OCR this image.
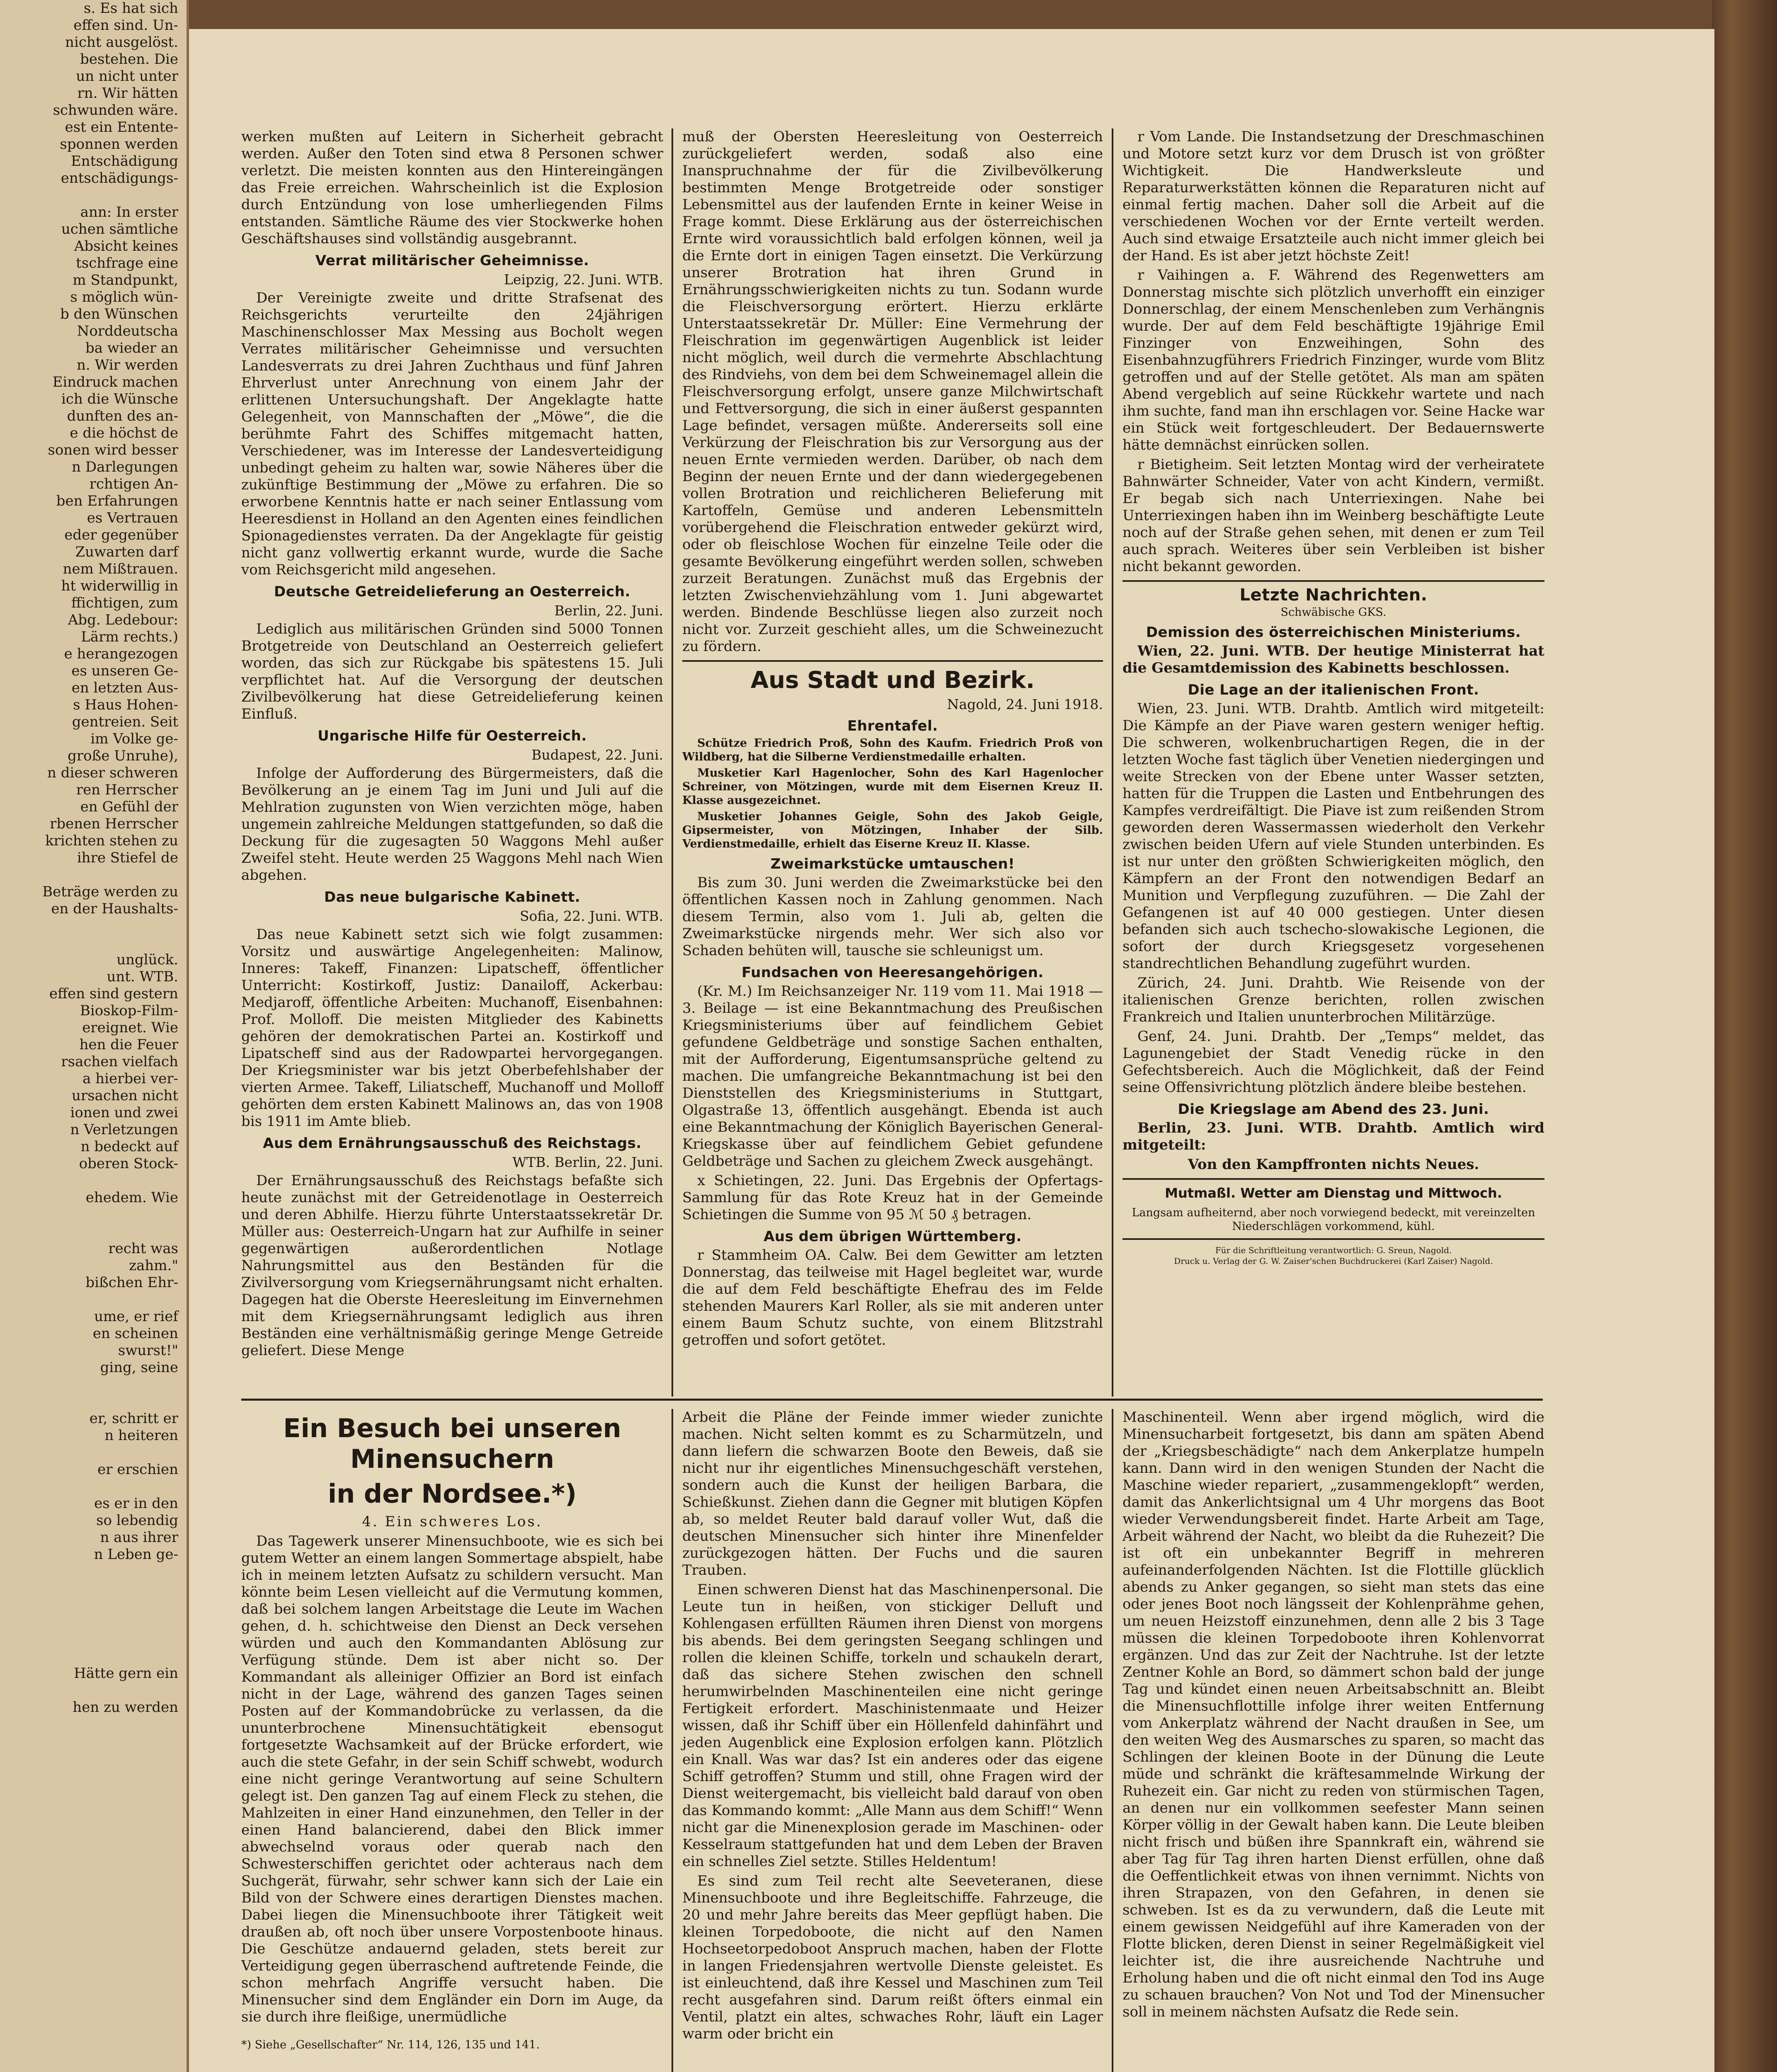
s. Es hat sich
effen sind. Un-
nicht ausgelöst.
bestehen. Die
un nicht unter
rn. Wir hätten
schwunden wäre.
est ein Entente-
sponnen werden
Entschädigung
entschädigungs-

ann: In erster
uchen sämtliche
Absicht keines
tschfrage eine
m Standpunkt,
s möglich wün-
b den Wünschen
Norddeutscha
ba wieder an
n. Wir werden
Eindruck machen
ich die Wünsche
dunften des an-
e die höchst de
sonen wird besser
n Darlegungen
rchtigen An-
ben Erfahrungen
es Vertrauen
eder gegenüber
Zuwarten darf
nem Mißtrauen.
ht widerwillig in
ffichtigen, zum
Abg. Ledebour:
Lärm rechts.)
e herangezogen
es unseren Ge-
en letzten Aus-
s Haus Hohen-
gentreien. Seit
im Volke ge-
große Unruhe),
n dieser schweren
ren Herrscher
en Gefühl der
rbenen Herrscher
krichten stehen zu
ihre Stiefel de

Beträge werden zu
en der Haushalts-

unglück.
unt. WTB.
effen sind gestern
Bioskop-Film-
ereignet. Wie
hen die Feuer
rsachen vielfach
a hierbei ver-
ursachen nicht
ionen und zwei
n Verletzungen
n bedeckt auf
oberen Stock-

ehedem. Wie

recht was
zahm."
bißchen Ehr-

ume, er rief
en scheinen
swurst!"
ging, seine

er, schritt er
n heiteren

er erschien

es er in den
so lebendig
n aus ihrer
n Leben ge-

Hätte gern ein

hen zu werden

werken mußten auf Leitern in Sicherheit gebracht werden. Außer den Toten sind etwa 8 Personen schwer verletzt. Die meisten konnten aus den Hintereingängen das Freie erreichen. Wahrscheinlich ist die Explosion durch Entzündung von lose umherliegenden Films entstanden. Sämtliche Räume des vier Stockwerke hohen Geschäftshauses sind vollständig ausgebrannt.

Verrat militärischer Geheimnisse.
Leipzig, 22. Juni. WTB.

Der Vereinigte zweite und dritte Strafsenat des Reichsgerichts verurteilte den 24jährigen Maschinenschlosser Max Messing aus Bocholt wegen Verrates militärischer Geheimnisse und versuchten Landesverrats zu drei Jahren Zuchthaus und fünf Jahren Ehrverlust unter Anrechnung von einem Jahr der erlittenen Untersuchungshaft. Der Angeklagte hatte Gelegenheit, von Mannschaften der „Möwe“, die die berühmte Fahrt des Schiffes mitgemacht hatten, Verschiedener, was im Interesse der Landesverteidigung unbedingt geheim zu halten war, sowie Näheres über die zukünftige Bestimmung der „Möwe zu erfahren. Die so erworbene Kenntnis hatte er nach seiner Entlassung vom Heeresdienst in Holland an den Agenten eines feindlichen Spionagedienstes verraten. Da der Angeklagte für geistig nicht ganz vollwertig erkannt wurde, wurde die Sache vom Reichsgericht mild angesehen.

Deutsche Getreidelieferung an Oesterreich.
Berlin, 22. Juni.

Lediglich aus militärischen Gründen sind 5000 Tonnen Brotgetreide von Deutschland an Oesterreich geliefert worden, das sich zur Rückgabe bis spätestens 15. Juli verpflichtet hat. Auf die Versorgung der deutschen Zivilbevölkerung hat diese Getreidelieferung keinen Einfluß.

Ungarische Hilfe für Oesterreich.
Budapest, 22. Juni.

Infolge der Aufforderung des Bürgermeisters, daß die Bevölkerung an je einem Tag im Juni und Juli auf die Mehlration zugunsten von Wien verzichten möge, haben ungemein zahlreiche Meldungen stattgefunden, so daß die Deckung für die zugesagten 50 Waggons Mehl außer Zweifel steht. Heute werden 25 Waggons Mehl nach Wien abgehen.

Das neue bulgarische Kabinett.
Sofia, 22. Juni. WTB.

Das neue Kabinett setzt sich wie folgt zusammen: Vorsitz und auswärtige Angelegenheiten: Malinow, Inneres: Takeff, Finanzen: Lipatscheff, öffentlicher Unterricht: Kostirkoff, Justiz: Danailoff, Ackerbau: Medjaroff, öffentliche Arbeiten: Muchanoff, Eisenbahnen: Prof. Molloff. Die meisten Mitglieder des Kabinetts gehören der demokratischen Partei an. Kostirkoff und Lipatscheff sind aus der Radowpartei hervorgegangen. Der Kriegsminister war bis jetzt Oberbefehlshaber der vierten Armee. Takeff, Liliatscheff, Muchanoff und Molloff gehörten dem ersten Kabinett Malinows an, das von 1908 bis 1911 im Amte blieb.

Aus dem Ernährungsausschuß des Reichstags.
WTB. Berlin, 22. Juni.

Der Ernährungsausschuß des Reichstags befaßte sich heute zunächst mit der Getreidenotlage in Oesterreich und deren Abhilfe. Hierzu führte Unterstaatssekretär Dr. Müller aus: Oesterreich-Ungarn hat zur Aufhilfe in seiner gegenwärtigen außerordentlichen Notlage Nahrungsmittel aus den Beständen für die Zivilversorgung vom Kriegsernährungsamt nicht erhalten. Dagegen hat die Oberste Heeresleitung im Einvernehmen mit dem Kriegsernährungsamt lediglich aus ihren Beständen eine verhältnismäßig geringe Menge Getreide geliefert. Diese Menge

muß der Obersten Heeresleitung von Oesterreich zurückgeliefert werden, sodaß also eine Inanspruchnahme der für die Zivilbevölkerung bestimmten Menge Brotgetreide oder sonstiger Lebensmittel aus der laufenden Ernte in keiner Weise in Frage kommt. Diese Erklärung aus der österreichischen Ernte wird voraussichtlich bald erfolgen können, weil ja die Ernte dort in einigen Tagen einsetzt. Die Verkürzung unserer Brotration hat ihren Grund in Ernährungsschwierigkeiten nichts zu tun. Sodann wurde die Fleischversorgung erörtert. Hierzu erklärte Unterstaatssekretär Dr. Müller: Eine Vermehrung der Fleischration im gegenwärtigen Augenblick ist leider nicht möglich, weil durch die vermehrte Abschlachtung des Rindviehs, von dem bei dem Schweinemagel allein die Fleischversorgung erfolgt, unsere ganze Milchwirtschaft und Fettversorgung, die sich in einer äußerst gespannten Lage befindet, versagen müßte. Andererseits soll eine Verkürzung der Fleischration bis zur Versorgung aus der neuen Ernte vermieden werden. Darüber, ob nach dem Beginn der neuen Ernte und der dann wiedergegebenen vollen Brotration und reichlicheren Belieferung mit Kartoffeln, Gemüse und anderen Lebensmitteln vorübergehend die Fleischration entweder gekürzt wird, oder ob fleischlose Wochen für einzelne Teile oder die gesamte Bevölkerung eingeführt werden sollen, schweben zurzeit Beratungen. Zunächst muß das Ergebnis der letzten Zwischenviehzählung vom 1. Juni abgewartet werden. Bindende Beschlüsse liegen also zurzeit noch nicht vor. Zurzeit geschieht alles, um die Schweinezucht zu fördern.

Aus Stadt und Bezirk.
Nagold, 24. Juni 1918.
Ehrentafel.

Schütze Friedrich Proß, Sohn des Kaufm. Friedrich Proß von Wildberg, hat die Silberne Verdienstmedaille erhalten.

Musketier Karl Hagenlocher, Sohn des Karl Hagenlocher Schreiner, von Mötzingen, wurde mit dem Eisernen Kreuz II. Klasse ausgezeichnet.

Musketier Johannes Geigle, Sohn des Jakob Geigle, Gipsermeister, von Mötzingen, Inhaber der Silb. Verdienstmedaille, erhielt das Eiserne Kreuz II. Klasse.

Zweimarkstücke umtauschen!

Bis zum 30. Juni werden die Zweimarkstücke bei den öffentlichen Kassen noch in Zahlung genommen. Nach diesem Termin, also vom 1. Juli ab, gelten die Zweimarkstücke nirgends mehr. Wer sich also vor Schaden behüten will, tausche sie schleunigst um.

Fundsachen von Heeresangehörigen.

(Kr. M.) Im Reichsanzeiger Nr. 119 vom 11. Mai 1918 — 3. Beilage — ist eine Bekanntmachung des Preußischen Kriegsministeriums über auf feindlichem Gebiet gefundene Geldbeträge und sonstige Sachen enthalten, mit der Aufforderung, Eigentumsansprüche geltend zu machen. Die umfangreiche Bekanntmachung ist bei den Dienststellen des Kriegsministeriums in Stuttgart, Olgastraße 13, öffentlich ausgehängt. Ebenda ist auch eine Bekanntmachung der Königlich Bayerischen General-Kriegskasse über auf feindlichem Gebiet gefundene Geldbeträge und Sachen zu gleichem Zweck ausgehängt.

x Schietingen, 22. Juni. Das Ergebnis der Opfertags-Sammlung für das Rote Kreuz hat in der Gemeinde Schietingen die Summe von 95 ℳ 50 ₰ betragen.

Aus dem übrigen Württemberg.

r Stammheim OA. Calw. Bei dem Gewitter am letzten Donnerstag, das teilweise mit Hagel begleitet war, wurde die auf dem Feld beschäftigte Ehefrau des im Felde stehenden Maurers Karl Roller, als sie mit anderen unter einem Baum Schutz suchte, von einem Blitzstrahl getroffen und sofort getötet.

r Vom Lande. Die Instandsetzung der Dreschmaschinen und Motore setzt kurz vor dem Drusch ist von größter Wichtigkeit. Die Handwerksleute und Reparaturwerkstätten können die Reparaturen nicht auf einmal fertig machen. Daher soll die Arbeit auf die verschiedenen Wochen vor der Ernte verteilt werden. Auch sind etwaige Ersatzteile auch nicht immer gleich bei der Hand. Es ist aber jetzt höchste Zeit!

r Vaihingen a. F. Während des Regenwetters am Donnerstag mischte sich plötzlich unverhofft ein einziger Donnerschlag, der einem Menschenleben zum Verhängnis wurde. Der auf dem Feld beschäftigte 19jährige Emil Finzinger von Enzweihingen, Sohn des Eisenbahnzugführers Friedrich Finzinger, wurde vom Blitz getroffen und auf der Stelle getötet. Als man am späten Abend vergeblich auf seine Rückkehr wartete und nach ihm suchte, fand man ihn erschlagen vor. Seine Hacke war ein Stück weit fortgeschleudert. Der Bedauernswerte hätte demnächst einrücken sollen.

r Bietigheim. Seit letzten Montag wird der verheiratete Bahnwärter Schneider, Vater von acht Kindern, vermißt. Er begab sich nach Unterriexingen. Nahe bei Unterriexingen haben ihn im Weinberg beschäftigte Leute noch auf der Straße gehen sehen, mit denen er zum Teil auch sprach. Weiteres über sein Verbleiben ist bisher nicht bekannt geworden.

Letzte Nachrichten.
Schwäbische GKS.
Demission des österreichischen Ministeriums.

Wien, 22. Juni. WTB. Der heutige Ministerrat hat die Gesamtdemission des Kabinetts beschlossen.

Die Lage an der italienischen Front.

Wien, 23. Juni. WTB. Drahtb. Amtlich wird mitgeteilt: Die Kämpfe an der Piave waren gestern weniger heftig. Die schweren, wolkenbruchartigen Regen, die in der letzten Woche fast täglich über Venetien niedergingen und weite Strecken von der Ebene unter Wasser setzten, hatten für die Truppen die Lasten und Entbehrungen des Kampfes verdreifältigt. Die Piave ist zum reißenden Strom geworden deren Wassermassen wiederholt den Verkehr zwischen beiden Ufern auf viele Stunden unterbinden. Es ist nur unter den größten Schwierigkeiten möglich, den Kämpfern an der Front den notwendigen Bedarf an Munition und Verpflegung zuzuführen. — Die Zahl der Gefangenen ist auf 40 000 gestiegen. Unter diesen befanden sich auch tschecho-slowakische Legionen, die sofort der durch Kriegsgesetz vorgesehenen standrechtlichen Behandlung zugeführt wurden.

Zürich, 24. Juni. Drahtb. Wie Reisende von der italienischen Grenze berichten, rollen zwischen Frankreich und Italien ununterbrochen Militärzüge.

Genf, 24. Juni. Drahtb. Der „Temps“ meldet, das Lagunengebiet der Stadt Venedig rücke in den Gefechtsbereich. Auch die Möglichkeit, daß der Feind seine Offensivrichtung plötzlich ändere bleibe bestehen.

Die Kriegslage am Abend des 23. Juni.

Berlin, 23. Juni. WTB. Drahtb. Amtlich wird mitgeteilt:

Von den Kampffronten nichts Neues.

Mutmaßl. Wetter am Dienstag und Mittwoch.
Langsam aufheiternd, aber noch vorwiegend bedeckt, mit vereinzelten Niederschlägen vorkommend, kühl.
Für die Schriftleitung verantwortlich: G. Sreun, Nagold.
Druck u. Verlag der G. W. Zaiser'schen Buchdruckerei (Karl Zaiser) Nagold.
Ein Besuch bei unseren Minensuchern
in der Nordsee.*)
4. Ein schweres Los.

Das Tagewerk unserer Minensuchboote, wie es sich bei gutem Wetter an einem langen Sommertage abspielt, habe ich in meinem letzten Aufsatz zu schildern versucht. Man könnte beim Lesen vielleicht auf die Vermutung kommen, daß bei solchem langen Arbeitstage die Leute im Wachen gehen, d. h. schichtweise den Dienst an Deck versehen würden und auch den Kommandanten Ablösung zur Verfügung stünde. Dem ist aber nicht so. Der Kommandant als alleiniger Offizier an Bord ist einfach nicht in der Lage, während des ganzen Tages seinen Posten auf der Kommandobrücke zu verlassen, da die ununterbrochene Minensuchtätigkeit ebensogut fortgesetzte Wachsamkeit auf der Brücke erfordert, wie auch die stete Gefahr, in der sein Schiff schwebt, wodurch eine nicht geringe Verantwortung auf seine Schultern gelegt ist. Den ganzen Tag auf einem Fleck zu stehen, die Mahlzeiten in einer Hand einzunehmen, den Teller in der einen Hand balancierend, dabei den Blick immer abwechselnd voraus oder querab nach den Schwesterschiffen gerichtet oder achteraus nach dem Suchgerät, fürwahr, sehr schwer kann sich der Laie ein Bild von der Schwere eines derartigen Dienstes machen. Dabei liegen die Minensuchboote ihrer Tätigkeit weit draußen ab, oft noch über unsere Vorpostenboote hinaus. Die Geschütze andauernd geladen, stets bereit zur Verteidigung gegen überraschend auftretende Feinde, die schon mehrfach Angriffe versucht haben. Die Minensucher sind dem Engländer ein Dorn im Auge, da sie durch ihre fleißige, unermüdliche

*) Siehe „Gesellschafter“ Nr. 114, 126, 135 und 141.

Arbeit die Pläne der Feinde immer wieder zunichte machen. Nicht selten kommt es zu Scharmützeln, und dann liefern die schwarzen Boote den Beweis, daß sie nicht nur ihr eigentliches Minensuchgeschäft verstehen, sondern auch die Kunst der heiligen Barbara, die Schießkunst. Ziehen dann die Gegner mit blutigen Köpfen ab, so meldet Reuter bald darauf voller Wut, daß die deutschen Minensucher sich hinter ihre Minenfelder zurückgezogen hätten. Der Fuchs und die sauren Trauben.

Einen schweren Dienst hat das Maschinenpersonal. Die Leute tun in heißen, von stickiger Delluft und Kohlengasen erfüllten Räumen ihren Dienst von morgens bis abends. Bei dem geringsten Seegang schlingen und rollen die kleinen Schiffe, torkeln und schaukeln derart, daß das sichere Stehen zwischen den schnell herumwirbelnden Maschinenteilen eine nicht geringe Fertigkeit erfordert. Maschinistenmaate und Heizer wissen, daß ihr Schiff über ein Höllenfeld dahinfährt und jeden Augenblick eine Explosion erfolgen kann. Plötzlich ein Knall. Was war das? Ist ein anderes oder das eigene Schiff getroffen? Stumm und still, ohne Fragen wird der Dienst weitergemacht, bis vielleicht bald darauf von oben das Kommando kommt: „Alle Mann aus dem Schiff!“ Wenn nicht gar die Minenexplosion gerade im Maschinen- oder Kesselraum stattgefunden hat und dem Leben der Braven ein schnelles Ziel setzte. Stilles Heldentum!

Es sind zum Teil recht alte Seeveteranen, diese Minensuchboote und ihre Begleitschiffe. Fahrzeuge, die 20 und mehr Jahre bereits das Meer gepflügt haben. Die kleinen Torpedoboote, die nicht auf den Namen Hochseetorpedoboot Anspruch machen, haben der Flotte in langen Friedensjahren wertvolle Dienste geleistet. Es ist einleuchtend, daß ihre Kessel und Maschinen zum Teil recht ausgefahren sind. Darum reißt öfters einmal ein Ventil, platzt ein altes, schwaches Rohr, läuft ein Lager warm oder bricht ein

Maschinenteil. Wenn aber irgend möglich, wird die Minensucharbeit fortgesetzt, bis dann am späten Abend der „Kriegsbeschädigte“ nach dem Ankerplatze humpeln kann. Dann wird in den wenigen Stunden der Nacht die Maschine wieder repariert, „zusammengeklopft“ werden, damit das Ankerlichtsignal um 4 Uhr morgens das Boot wieder Verwendungsbereit findet. Harte Arbeit am Tage, Arbeit während der Nacht, wo bleibt da die Ruhezeit? Die ist oft ein unbekannter Begriff in mehreren aufeinanderfolgenden Nächten. Ist die Flottille glücklich abends zu Anker gegangen, so sieht man stets das eine oder jenes Boot noch längsseit der Kohlenprähme gehen, um neuen Heizstoff einzunehmen, denn alle 2 bis 3 Tage müssen die kleinen Torpedoboote ihren Kohlenvorrat ergänzen. Und das zur Zeit der Nachtruhe. Ist der letzte Zentner Kohle an Bord, so dämmert schon bald der junge Tag und kündet einen neuen Arbeitsabschnitt an. Bleibt die Minensuchflottille infolge ihrer weiten Entfernung vom Ankerplatz während der Nacht draußen in See, um den weiten Weg des Ausmarsches zu sparen, so macht das Schlingen der kleinen Boote in der Dünung die Leute müde und schränkt die kräftesammelnde Wirkung der Ruhezeit ein. Gar nicht zu reden von stürmischen Tagen, an denen nur ein vollkommen seefester Mann seinen Körper völlig in der Gewalt haben kann. Die Leute bleiben nicht frisch und büßen ihre Spannkraft ein, während sie aber Tag für Tag ihren harten Dienst erfüllen, ohne daß die Oeffentlichkeit etwas von ihnen vernimmt. Nichts von ihren Strapazen, von den Gefahren, in denen sie schweben. Ist es da zu verwundern, daß die Leute mit einem gewissen Neidgefühl auf ihre Kameraden von der Flotte blicken, deren Dienst in seiner Regelmäßigkeit viel leichter ist, die ihre ausreichende Nachtruhe und Erholung haben und die oft nicht einmal den Tod ins Auge zu schauen brauchen? Von Not und Tod der Minensucher soll in meinem nächsten Aufsatz die Rede sein.
